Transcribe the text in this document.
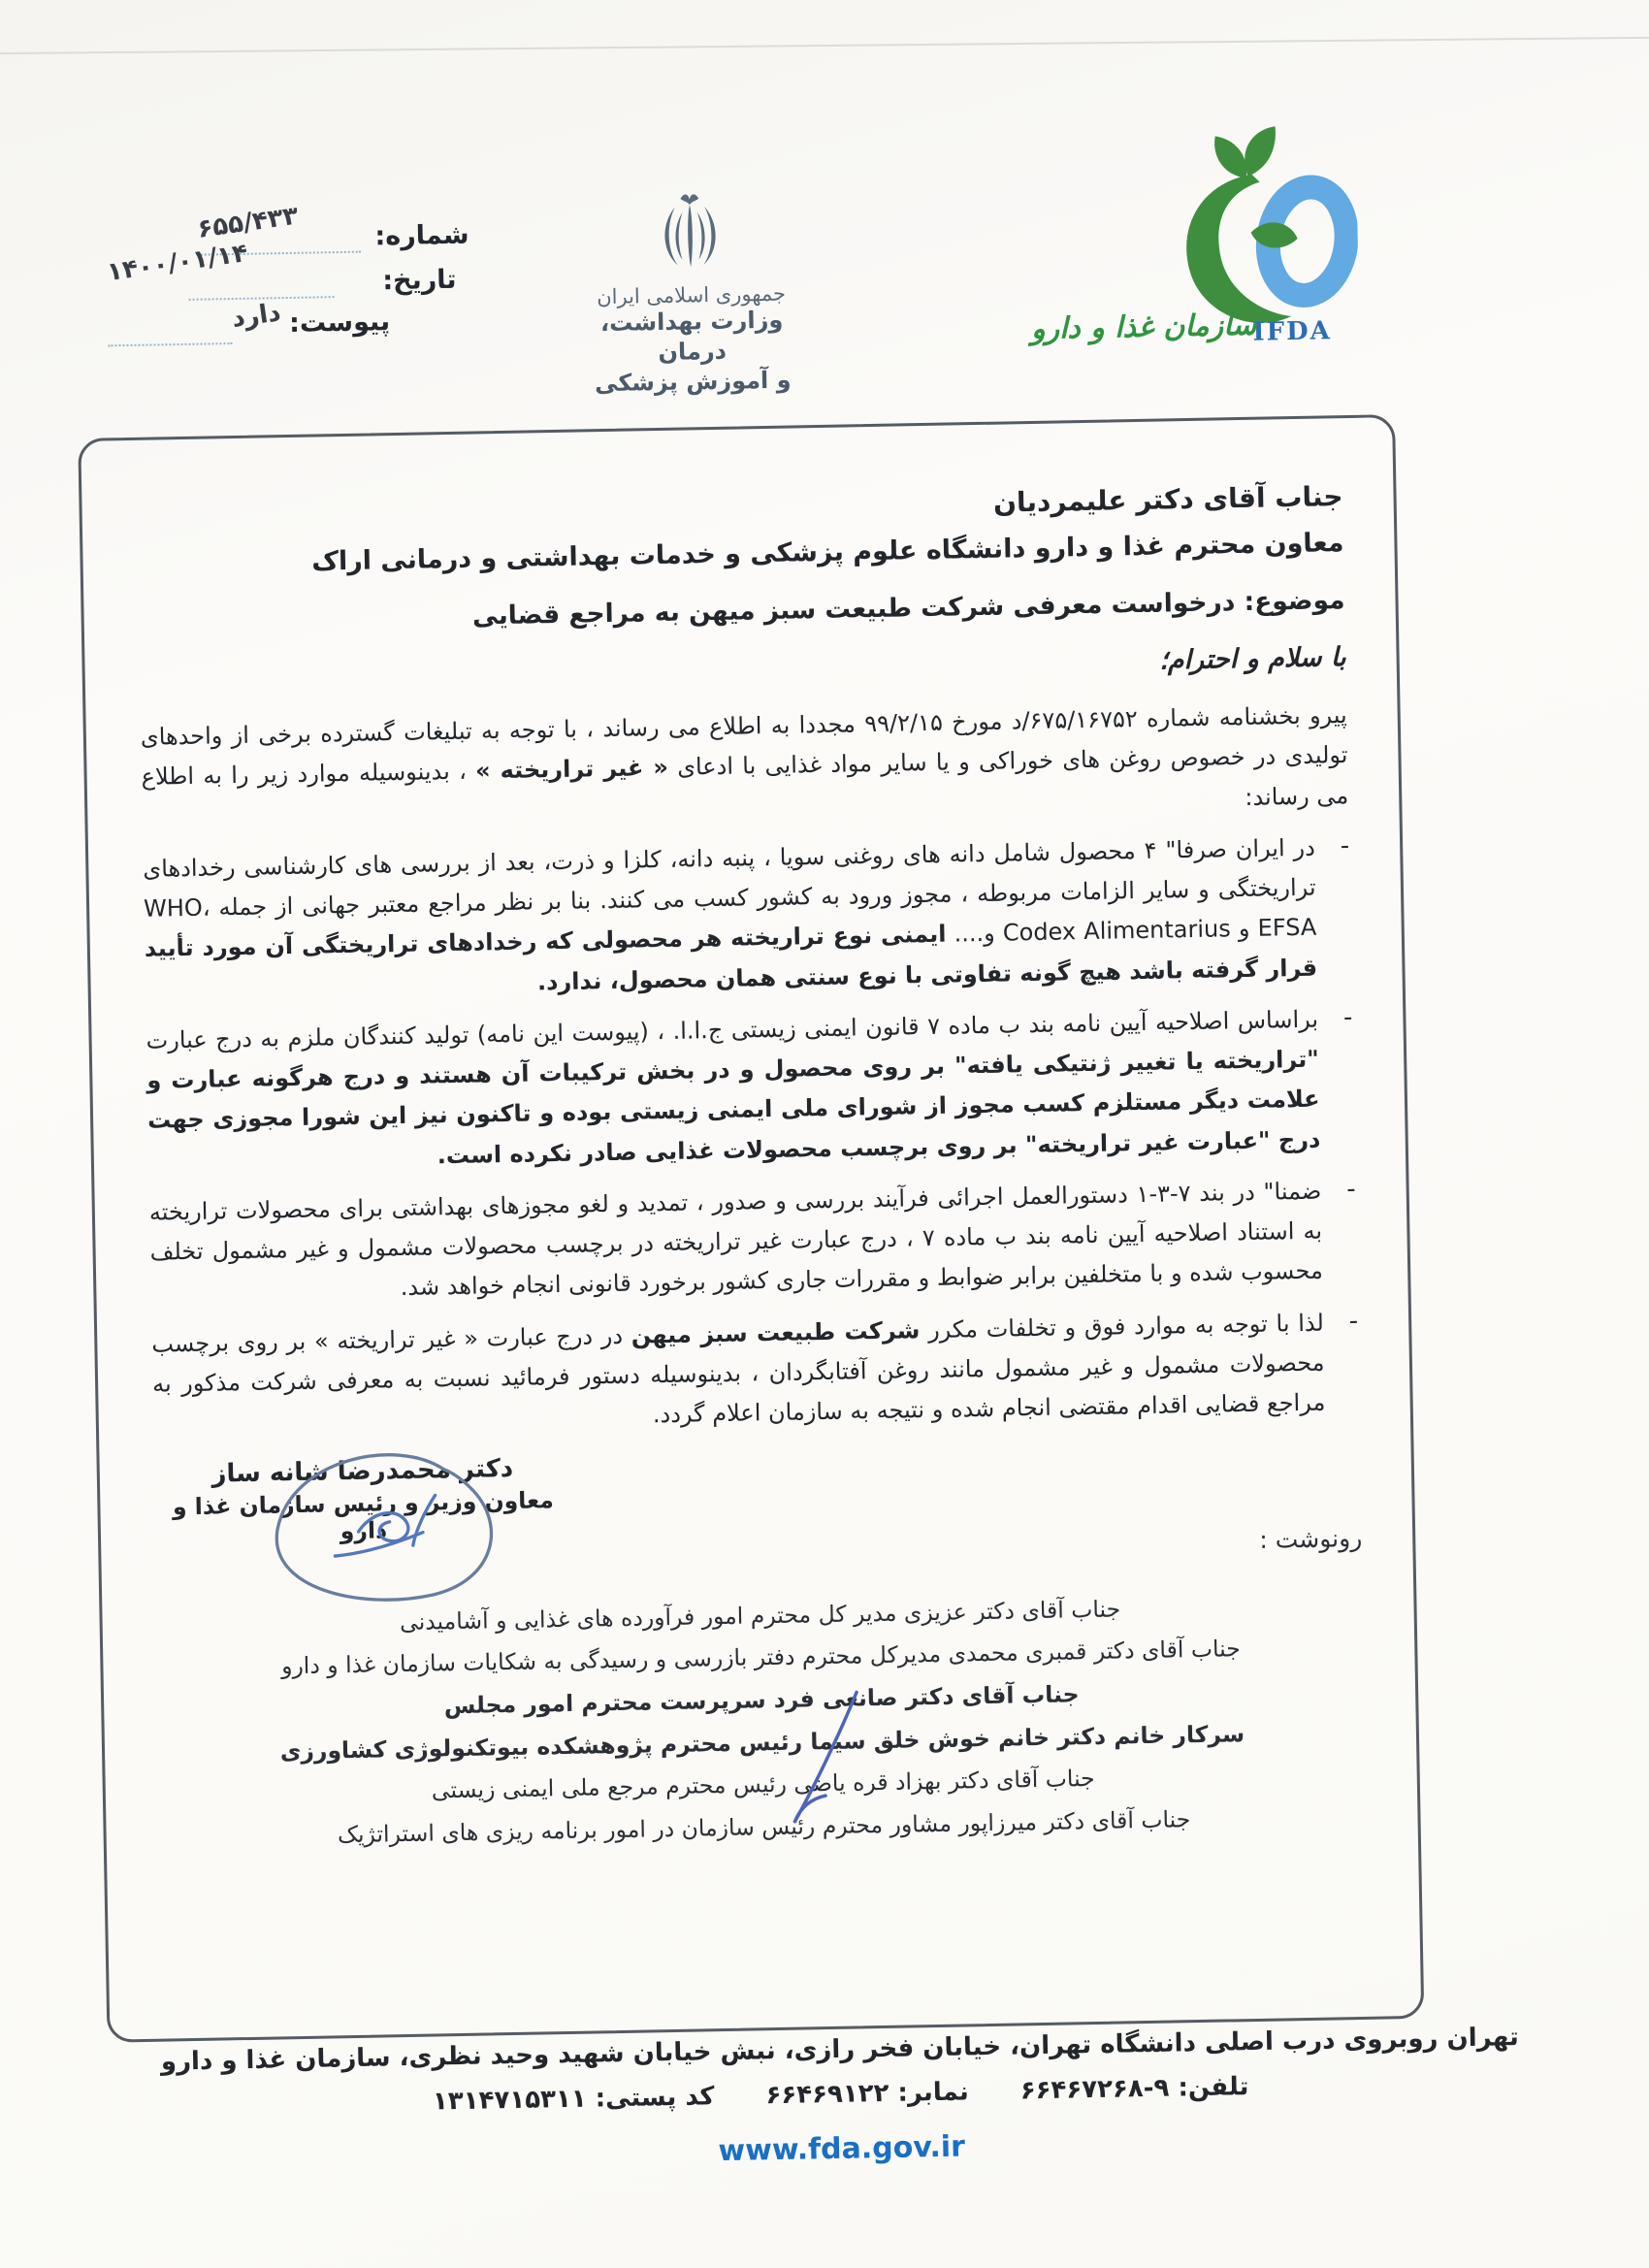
۶۵۵/۴۳۳	شماره:
۱۴۰۰/۰۱/۱۴	تاریخ:
دارد پیوست:
جمهوری اسلامی ایران
وزارت بهداشت، درمان
و آموزش پزشکی
IFDA
سازمان غذا و دارو
جناب آقای دکتر علیمردیان
معاون محترم غذا و دارو دانشگاه علوم پزشکی و خدمات بهداشتی و درمانی اراک
موضوع: درخواست معرفی شرکت طبیعت سبز میهن به مراجع قضایی
با سلام و احترام؛

پیرو بخشنامه شماره ۶۷۵/۱۶۷۵۲/د مورخ ۹۹/۲/۱۵ مجددا به اطلاع می رساند ، با توجه به تبلیغات گسترده برخی از واحدهای تولیدی در خصوص روغن های خوراکی و یا سایر مواد غذایی با ادعای « غیر تراریخته » ، بدینوسیله موارد زیر را به اطلاع می رساند:

-

در ایران صرفا" ۴ محصول شامل دانه های روغنی سویا ، پنبه دانه، کلزا و ذرت، بعد از بررسی های کارشناسی رخدادهای تراریختگی و سایر الزامات مربوطه ، مجوز ورود به کشور کسب می کنند. بنا بر نظر مراجع معتبر جهانی از جمله WHO، EFSA و Codex Alimentarius و.... ایمنی نوع تراریخته هر محصولی که رخدادهای تراریختگی آن مورد تأیید قرار گرفته باشد هیچ گونه تفاوتی با نوع سنتی همان محصول، ندارد.

-

براساس اصلاحیه آیین نامه بند ب ماده ۷ قانون ایمنی زیستی ج.ا.ا. ، (پیوست این نامه) تولید کنندگان ملزم به درج عبارت "تراریخته یا تغییر ژنتیکی یافته" بر روی محصول و در بخش ترکیبات آن هستند و درج هرگونه عبارت و علامت دیگر مستلزم کسب مجوز از شورای ملی ایمنی زیستی بوده و تاکنون نیز این شورا مجوزی جهت درج "عبارت غیر تراریخته" بر روی برچسب محصولات غذایی صادر نکرده است.

-

ضمنا" در بند ۷-۳-۱ دستورالعمل اجرائی فرآیند بررسی و صدور ، تمدید و لغو مجوزهای بهداشتی برای محصولات تراریخته به استناد اصلاحیه آیین نامه بند ب ماده ۷ ، درج عبارت غیر تراریخته در برچسب محصولات مشمول و غیر مشمول تخلف محسوب شده و با متخلفین برابر ضوابط و مقررات جاری کشور برخورد قانونی انجام خواهد شد.

-

لذا با توجه به موارد فوق و تخلفات مکرر شرکت طبیعت سبز میهن در درج عبارت « غیر تراریخته » بر روی برچسب محصولات مشمول و غیر مشمول مانند روغن آفتابگردان ، بدینوسیله دستور فرمائید نسبت به معرفی شرکت مذکور به مراجع قضایی اقدام مقتضی انجام شده و نتیجه به سازمان اعلام گردد.

رونوشت :
دکتر محمدرضا شانه ساز
معاون وزیر و رئیس سازمان غذا و دارو
جناب آقای دکتر عزیزی مدیر کل محترم امور فرآورده های غذایی و آشامیدنی
جناب آقای دکتر قمبری محمدی مدیرکل محترم دفتر بازرسی و رسیدگی به شکایات سازمان غذا و دارو
جناب آقای دکتر صانعی فرد سرپرست محترم امور مجلس
سرکار خانم دکتر خانم خوش خلق سیما رئیس محترم پژوهشکده بیوتکنولوژی کشاورزی
جناب آقای دکتر بهزاد قره یاضی رئیس محترم مرجع ملی ایمنی زیستی
جناب آقای دکتر میرزاپور مشاور محترم رئیس سازمان در امور برنامه ریزی های استراتژیک
تهران روبروی درب اصلی دانشگاه تهران، خیابان فخر رازی، نبش خیابان شهید وحید نظری، سازمان غذا و دارو
تلفن: ۹-۶۶۴۶۷۲۶۸ نمابر: ۶۶۴۶۹۱۲۲ کد پستی: ۱۳۱۴۷۱۵۳۱۱
www.fda.gov.ir
